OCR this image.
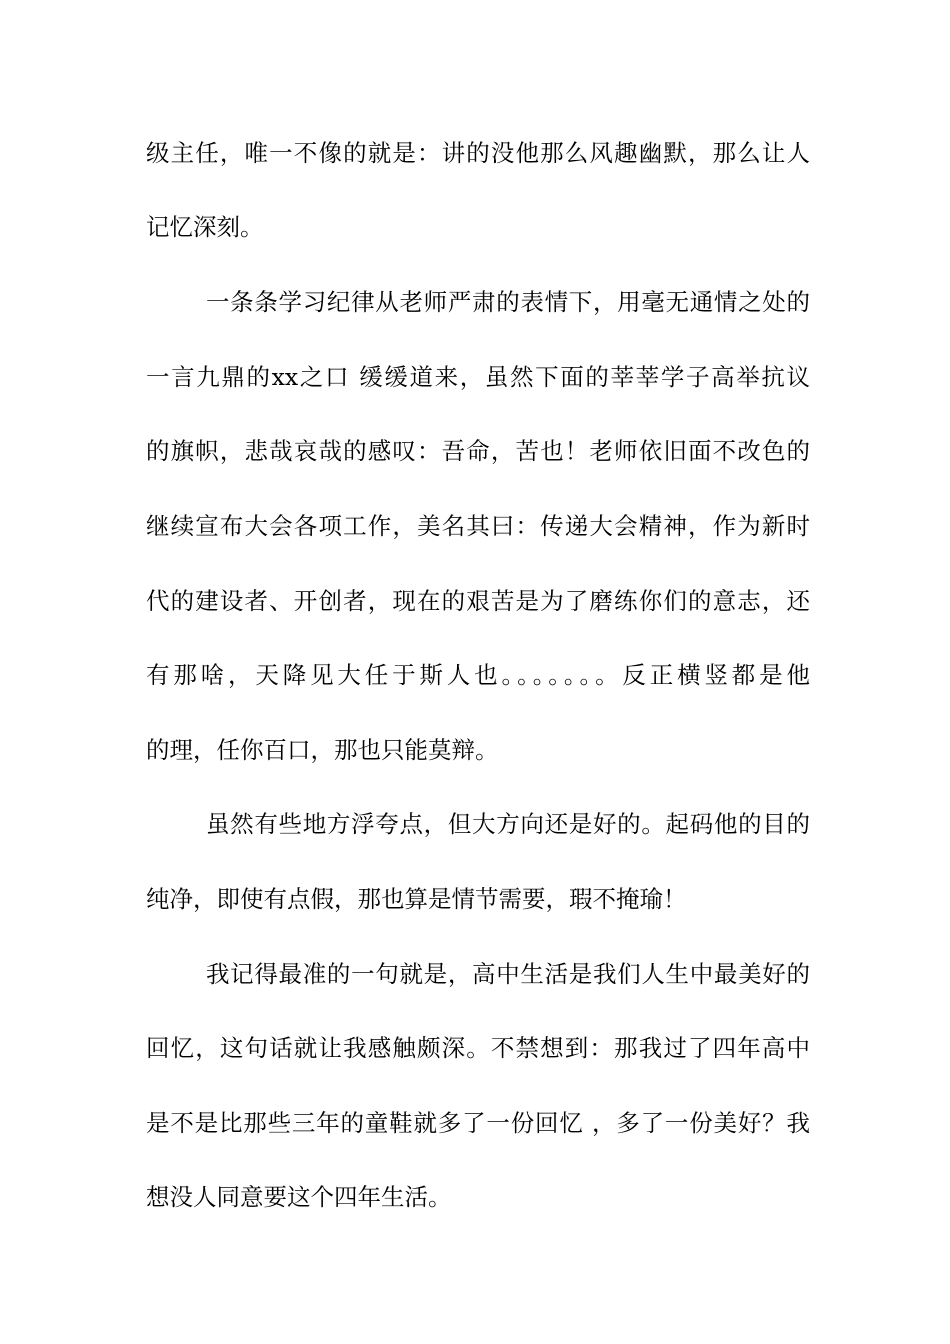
级主任，唯一不像的就是：讲的没他那么风趣幽默，那么让人
记忆深刻。
一条条学习纪律从老师严肃的表情下，用毫无通情之处的
一言九鼎的xx之口 缓缓道来，虽然下面的莘莘学子高举抗议
的旗帜，悲哉哀哉的感叹：吾命，苦也！老师依旧面不改色的
继续宣布大会各项工作，美名其曰：传递大会精神，作为新时
代的建设者、开创者，现在的艰苦是为了磨练你们的意志，还
有那啥，天降见大任于斯人也。。。。。。。反正横竖都是他
的理，任你百口，那也只能莫辩。
虽然有些地方浮夸点，但大方向还是好的。起码他的目的
纯净，即使有点假，那也算是情节需要，瑕不掩瑜！
我记得最准的一句就是，高中生活是我们人生中最美好的
回忆，这句话就让我感触颇深。不禁想到：那我过了四年高中
是不是比那些三年的童鞋就多了一份回忆 ，多了一份美好？我
想没人同意要这个四年生活。
